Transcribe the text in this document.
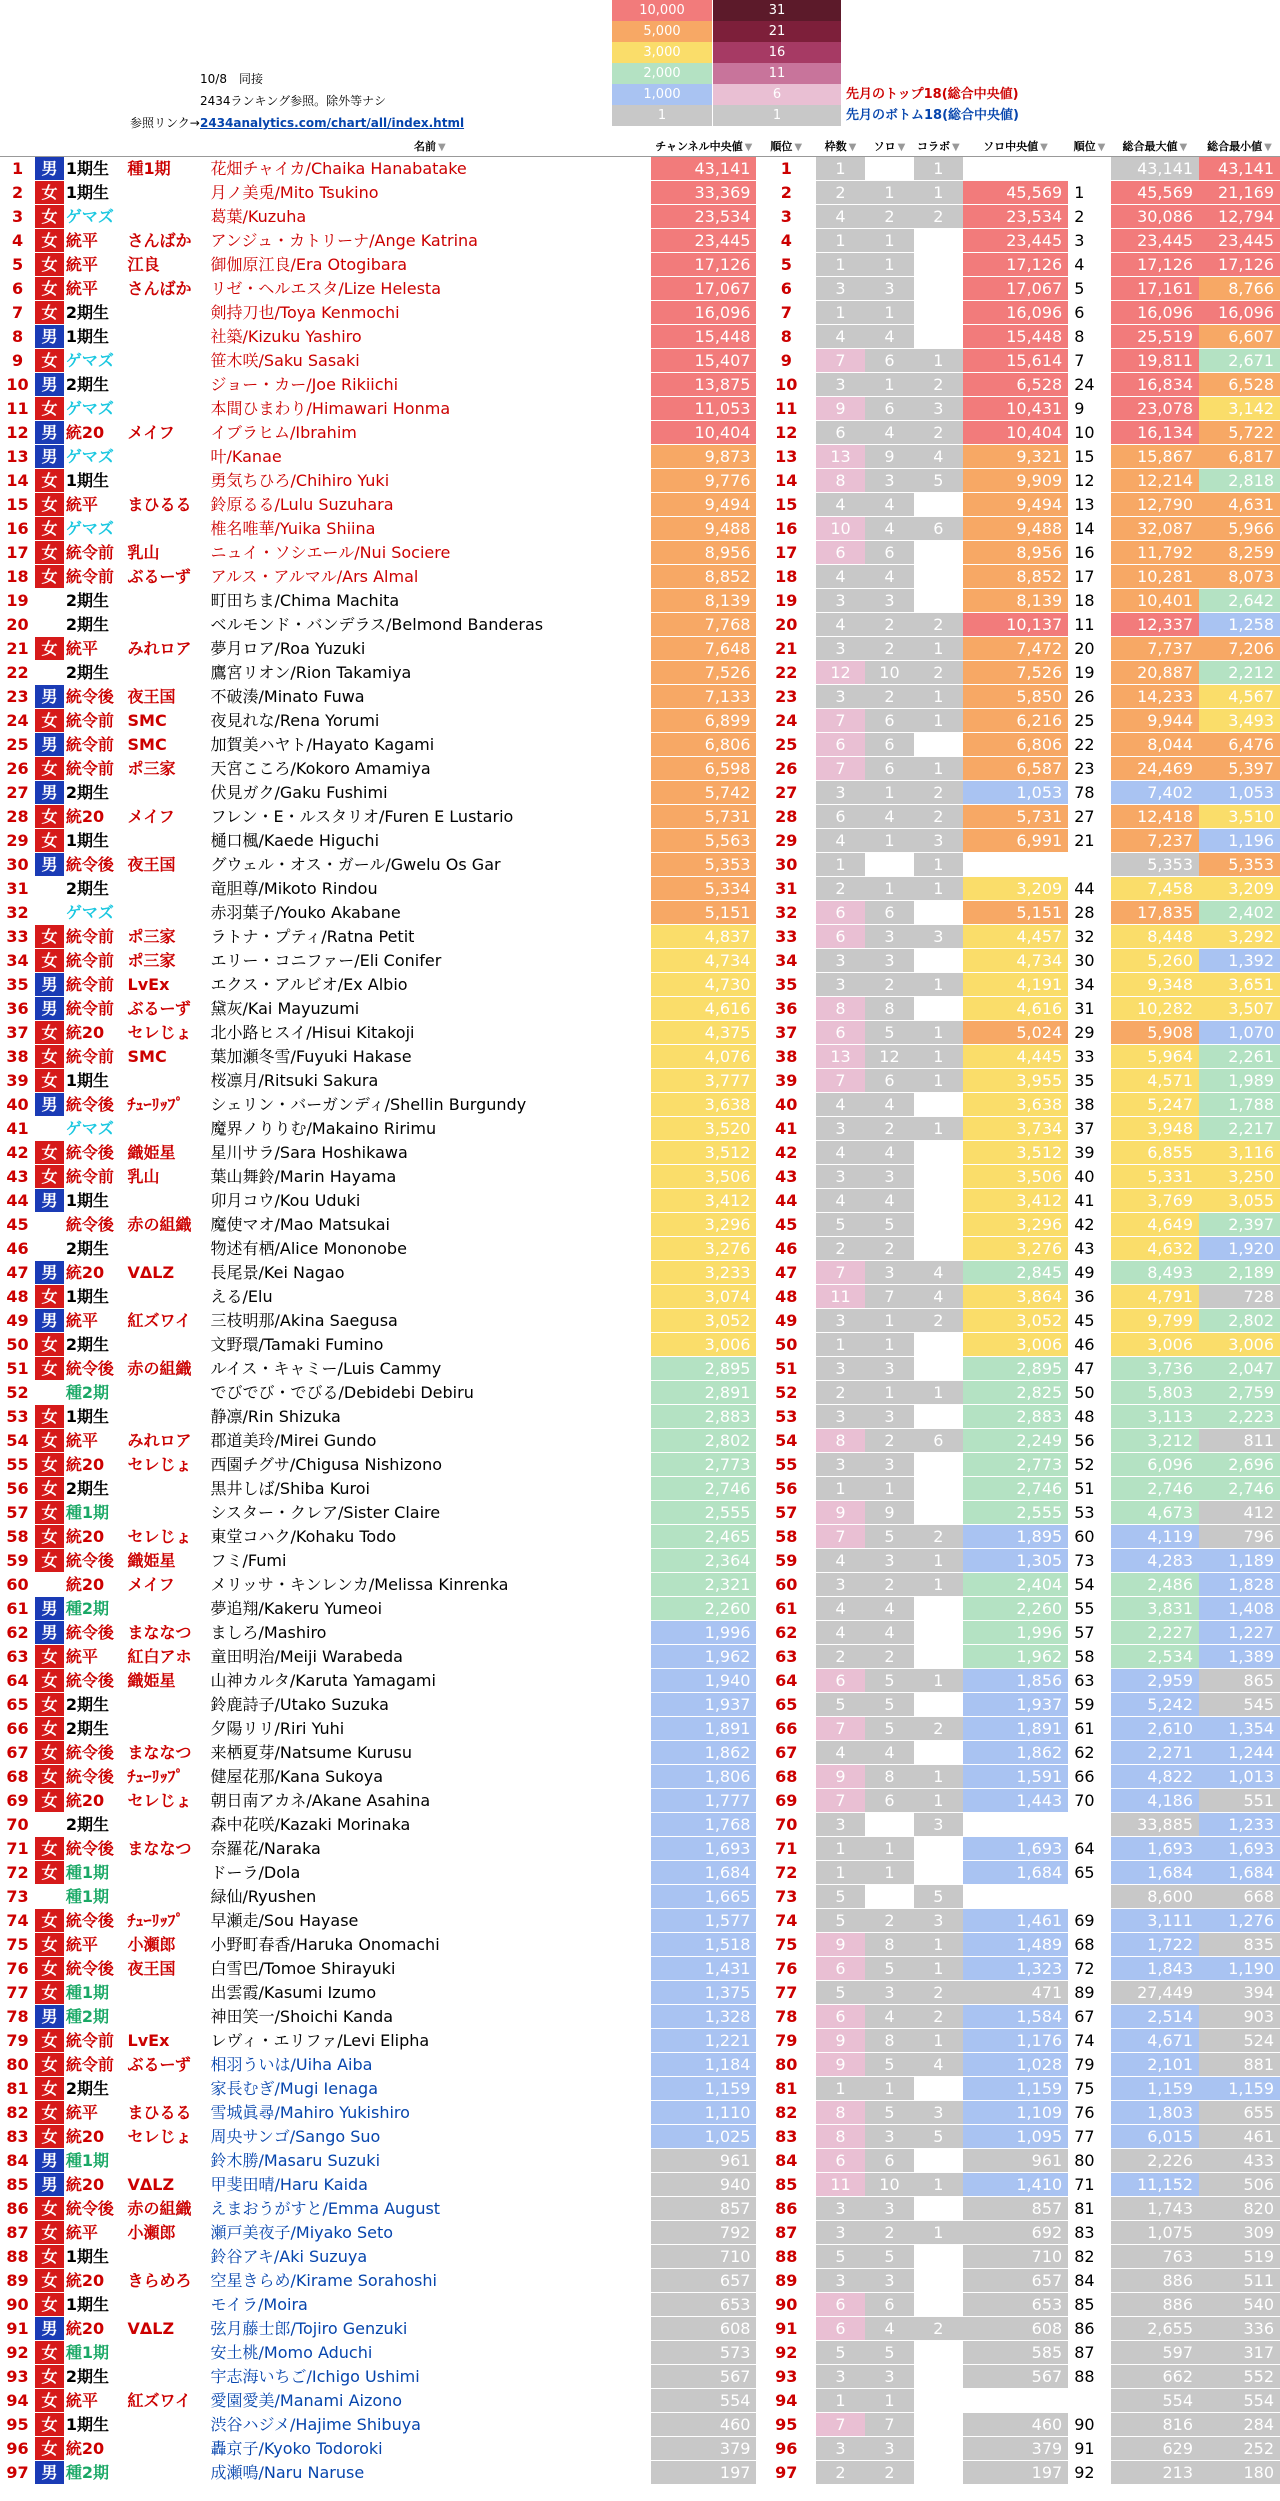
10,000	31
5,000	21
3,000	16
2,000	11
1,000	6
1	1
10/8　同接
2434ランキング参照。除外等ナシ
参照リンク→ 2434analytics.com/chart/all/index.html
先月のトップ18(総合中央値)
先月のボトム18(総合中央値)
				名前 ▼	チャンネル中央値 ▼	順位 ▼	枠数 ▼	ソロ ▼	コラボ ▼	ソロ中央値 ▼	順位 ▼	総合最大値 ▼	総合最小値 ▼
1	男	1期生	種1期	花畑チャイカ/Chaika Hanabatake	43,141	1	1		1			43,141	43,141
2	女	1期生		月ノ美兎/Mito Tsukino	33,369	2	2	1	1	45,569	1	45,569	21,169
3	女	ゲマズ		葛葉/Kuzuha	23,534	3	4	2	2	23,534	2	30,086	12,794
4	女	統平	さんばか	アンジュ・カトリーナ/Ange Katrina	23,445	4	1	1		23,445	3	23,445	23,445
5	女	統平	江良	御伽原江良/Era Otogibara	17,126	5	1	1		17,126	4	17,126	17,126
6	女	統平	さんばか	リゼ・ヘルエスタ/Lize Helesta	17,067	6	3	3		17,067	5	17,161	8,766
7	女	2期生		剣持刀也/Toya Kenmochi	16,096	7	1	1		16,096	6	16,096	16,096
8	男	1期生		社築/Kizuku Yashiro	15,448	8	4	4		15,448	8	25,519	6,607
9	女	ゲマズ		笹木咲/Saku Sasaki	15,407	9	7	6	1	15,614	7	19,811	2,671
10	男	2期生		ジョー・カー/Joe Rikiichi	13,875	10	3	1	2	6,528	24	16,834	6,528
11	女	ゲマズ		本間ひまわり/Himawari Honma	11,053	11	9	6	3	10,431	9	23,078	3,142
12	男	統20	メイフ	イブラヒム/Ibrahim	10,404	12	6	4	2	10,404	10	16,134	5,722
13	男	ゲマズ		叶/Kanae	9,873	13	13	9	4	9,321	15	15,867	6,817
14	女	1期生		勇気ちひろ/Chihiro Yuki	9,776	14	8	3	5	9,909	12	12,214	2,818
15	女	統平	まひるる	鈴原るる/Lulu Suzuhara	9,494	15	4	4		9,494	13	12,790	4,631
16	女	ゲマズ		椎名唯華/Yuika Shiina	9,488	16	10	4	6	9,488	14	32,087	5,966
17	女	統令前	乳山	ニュイ・ソシエール/Nui Sociere	8,956	17	6	6		8,956	16	11,792	8,259
18	女	統令前	ぶるーず	アルス・アルマル/Ars Almal	8,852	18	4	4		8,852	17	10,281	8,073
19		2期生		町田ちま/Chima Machita	8,139	19	3	3		8,139	18	10,401	2,642
20		2期生		ベルモンド・バンデラス/Belmond Banderas	7,768	20	4	2	2	10,137	11	12,337	1,258
21	女	統平	みれロア	夢月ロア/Roa Yuzuki	7,648	21	3	2	1	7,472	20	7,737	7,206
22		2期生		鷹宮リオン/Rion Takamiya	7,526	22	12	10	2	7,526	19	20,887	2,212
23	男	統令後	夜王国	不破湊/Minato Fuwa	7,133	23	3	2	1	5,850	26	14,233	4,567
24	女	統令前	SMC	夜見れな/Rena Yorumi	6,899	24	7	6	1	6,216	25	9,944	3,493
25	男	統令前	SMC	加賀美ハヤト/Hayato Kagami	6,806	25	6	6		6,806	22	8,044	6,476
26	女	統令前	ポ三家	天宮こころ/Kokoro Amamiya	6,598	26	7	6	1	6,587	23	24,469	5,397
27	男	2期生		伏見ガク/Gaku Fushimi	5,742	27	3	1	2	1,053	78	7,402	1,053
28	女	統20	メイフ	フレン・E・ルスタリオ/Furen E Lustario	5,731	28	6	4	2	5,731	27	12,418	3,510
29	女	1期生		樋口楓/Kaede Higuchi	5,563	29	4	1	3	6,991	21	7,237	1,196
30	男	統令後	夜王国	グウェル・オス・ガール/Gwelu Os Gar	5,353	30	1		1			5,353	5,353
31		2期生		竜胆尊/Mikoto Rindou	5,334	31	2	1	1	3,209	44	7,458	3,209
32		ゲマズ		赤羽葉子/Youko Akabane	5,151	32	6	6		5,151	28	17,835	2,402
33	女	統令前	ポ三家	ラトナ・プティ/Ratna Petit	4,837	33	6	3	3	4,457	32	8,448	3,292
34	女	統令前	ポ三家	エリー・コニファー/Eli Conifer	4,734	34	3	3		4,734	30	5,260	1,392
35	男	統令前	LvEx	エクス・アルビオ/Ex Albio	4,730	35	3	2	1	4,191	34	9,348	3,651
36	男	統令前	ぶるーず	黛灰/Kai Mayuzumi	4,616	36	8	8		4,616	31	10,282	3,507
37	女	統20	セレじょ	北小路ヒスイ/Hisui Kitakoji	4,375	37	6	5	1	5,024	29	5,908	1,070
38	女	統令前	SMC	葉加瀬冬雪/Fuyuki Hakase	4,076	38	13	12	1	4,445	33	5,964	2,261
39	女	1期生		桜凛月/Ritsuki Sakura	3,777	39	7	6	1	3,955	35	4,571	1,989
40	男	統令後	ﾁｭｰﾘｯﾌﾟ	シェリン・バーガンディ/Shellin Burgundy	3,638	40	4	4		3,638	38	5,247	1,788
41		ゲマズ		魔界ノりりむ/Makaino Ririmu	3,520	41	3	2	1	3,734	37	3,948	2,217
42	女	統令後	織姫星	星川サラ/Sara Hoshikawa	3,512	42	4	4		3,512	39	6,855	3,116
43	女	統令前	乳山	葉山舞鈴/Marin Hayama	3,506	43	3	3		3,506	40	5,331	3,250
44	男	1期生		卯月コウ/Kou Uduki	3,412	44	4	4		3,412	41	3,769	3,055
45		統令後	赤の組織	魔使マオ/Mao Matsukai	3,296	45	5	5		3,296	42	4,649	2,397
46		2期生		物述有栖/Alice Mononobe	3,276	46	2	2		3,276	43	4,632	1,920
47	男	統20	VΔLZ	長尾景/Kei Nagao	3,233	47	7	3	4	2,845	49	8,493	2,189
48	女	1期生		える/Elu	3,074	48	11	7	4	3,864	36	4,791	728
49	男	統平	紅ズワイ	三枝明那/Akina Saegusa	3,052	49	3	1	2	3,052	45	9,799	2,802
50	女	2期生		文野環/Tamaki Fumino	3,006	50	1	1		3,006	46	3,006	3,006
51	女	統令後	赤の組織	ルイス・キャミー/Luis Cammy	2,895	51	3	3		2,895	47	3,736	2,047
52		種2期		でびでび・でびる/Debidebi Debiru	2,891	52	2	1	1	2,825	50	5,803	2,759
53	女	1期生		静凛/Rin Shizuka	2,883	53	3	3		2,883	48	3,113	2,223
54	女	統平	みれロア	郡道美玲/Mirei Gundo	2,802	54	8	2	6	2,249	56	3,212	811
55	女	統20	セレじょ	西園チグサ/Chigusa Nishizono	2,773	55	3	3		2,773	52	6,096	2,696
56	女	2期生		黒井しば/Shiba Kuroi	2,746	56	1	1		2,746	51	2,746	2,746
57	女	種1期		シスター・クレア/Sister Claire	2,555	57	9	9		2,555	53	4,673	412
58	女	統20	セレじょ	東堂コハク/Kohaku Todo	2,465	58	7	5	2	1,895	60	4,119	796
59	女	統令後	織姫星	フミ/Fumi	2,364	59	4	3	1	1,305	73	4,283	1,189
60		統20	メイフ	メリッサ・キンレンカ/Melissa Kinrenka	2,321	60	3	2	1	2,404	54	2,486	1,828
61	男	種2期		夢追翔/Kakeru Yumeoi	2,260	61	4	4		2,260	55	3,831	1,408
62	男	統令後	まななつ	ましろ/Mashiro	1,996	62	4	4		1,996	57	2,227	1,227
63	女	統平	紅白アホ	童田明治/Meiji Warabeda	1,962	63	2	2		1,962	58	2,534	1,389
64	女	統令後	織姫星	山神カルタ/Karuta Yamagami	1,940	64	6	5	1	1,856	63	2,959	865
65	女	2期生		鈴鹿詩子/Utako Suzuka	1,937	65	5	5		1,937	59	5,242	545
66	女	2期生		夕陽リリ/Riri Yuhi	1,891	66	7	5	2	1,891	61	2,610	1,354
67	女	統令後	まななつ	来栖夏芽/Natsume Kurusu	1,862	67	4	4		1,862	62	2,271	1,244
68	女	統令後	ﾁｭｰﾘｯﾌﾟ	健屋花那/Kana Sukoya	1,806	68	9	8	1	1,591	66	4,822	1,013
69	女	統20	セレじょ	朝日南アカネ/Akane Asahina	1,777	69	7	6	1	1,443	70	4,186	551
70		2期生		森中花咲/Kazaki Morinaka	1,768	70	3		3			33,885	1,233
71	女	統令後	まななつ	奈羅花/Naraka	1,693	71	1	1		1,693	64	1,693	1,693
72	女	種1期		ドーラ/Dola	1,684	72	1	1		1,684	65	1,684	1,684
73		種1期		緑仙/Ryushen	1,665	73	5		5			8,600	668
74	女	統令後	ﾁｭｰﾘｯﾌﾟ	早瀬走/Sou Hayase	1,577	74	5	2	3	1,461	69	3,111	1,276
75	女	統平	小瀬郎	小野町春香/Haruka Onomachi	1,518	75	9	8	1	1,489	68	1,722	835
76	女	統令後	夜王国	白雪巴/Tomoe Shirayuki	1,431	76	6	5	1	1,323	72	1,843	1,190
77	女	種1期		出雲霞/Kasumi Izumo	1,375	77	5	3	2	471	89	27,449	394
78	男	種2期		神田笑一/Shoichi Kanda	1,328	78	6	4	2	1,584	67	2,514	903
79	女	統令前	LvEx	レヴィ・エリファ/Levi Elipha	1,221	79	9	8	1	1,176	74	4,671	524
80	女	統令前	ぶるーず	相羽ういは/Uiha Aiba	1,184	80	9	5	4	1,028	79	2,101	881
81	女	2期生		家長むぎ/Mugi Ienaga	1,159	81	1	1		1,159	75	1,159	1,159
82	女	統平	まひるる	雪城眞尋/Mahiro Yukishiro	1,110	82	8	5	3	1,109	76	1,803	655
83	女	統20	セレじょ	周央サンゴ/Sango Suo	1,025	83	8	3	5	1,095	77	6,015	461
84	男	種1期		鈴木勝/Masaru Suzuki	961	84	6	6		961	80	2,226	433
85	男	統20	VΔLZ	甲斐田晴/Haru Kaida	940	85	11	10	1	1,410	71	11,152	506
86	女	統令後	赤の組織	えまおうがすと/Emma August	857	86	3	3		857	81	1,743	820
87	女	統平	小瀬郎	瀬戸美夜子/Miyako Seto	792	87	3	2	1	692	83	1,075	309
88	女	1期生		鈴谷アキ/Aki Suzuya	710	88	5	5		710	82	763	519
89	女	統20	きらめろ	空星きらめ/Kirame Sorahoshi	657	89	3	3		657	84	886	511
90	女	1期生		モイラ/Moira	653	90	6	6		653	85	886	540
91	男	統20	VΔLZ	弦月藤士郎/Tojiro Genzuki	608	91	6	4	2	608	86	2,655	336
92	女	種1期		安土桃/Momo Aduchi	573	92	5	5		585	87	597	317
93	女	2期生		宇志海いちご/Ichigo Ushimi	567	93	3	3		567	88	662	552
94	女	統平	紅ズワイ	愛園愛美/Manami Aizono	554	94	1	1				554	554
95	女	1期生		渋谷ハジメ/Hajime Shibuya	460	95	7	7		460	90	816	284
96	女	統20		轟京子/Kyoko Todoroki	379	96	3	3		379	91	629	252
97	男	種2期		成瀬鳴/Naru Naruse	197	97	2	2		197	92	213	180
